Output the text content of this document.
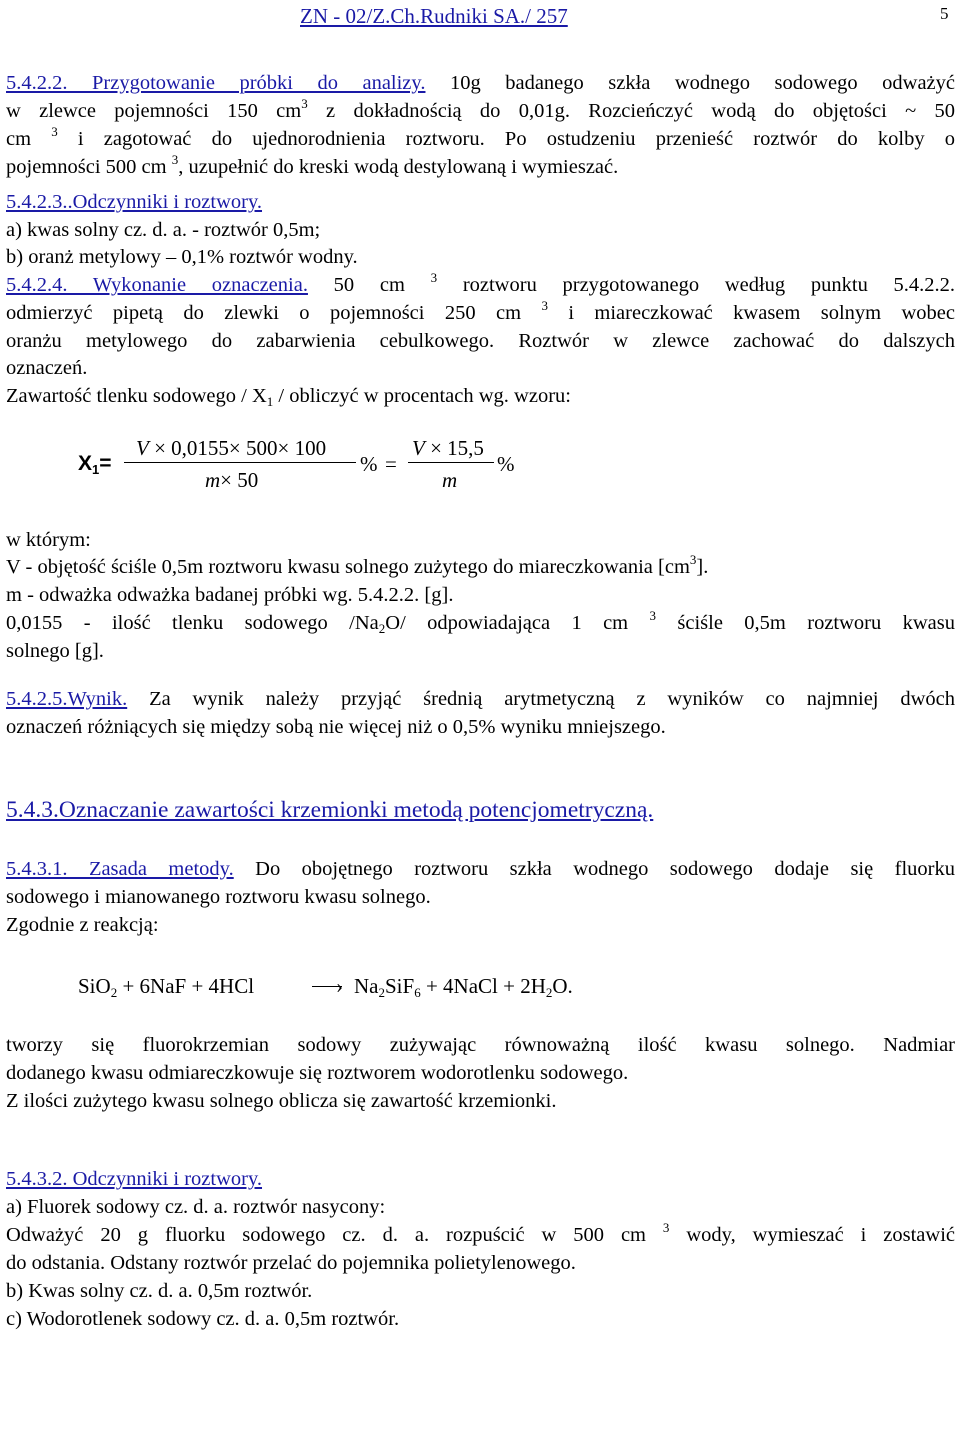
ZN - 02/Z.Ch.Rudniki SA./ 257	5
5.4.2.2. Przygotowanie próbki do analizy. 10g badanego szkła wodnego sodowego odważyć
w zlewce pojemności 150 $cm^3$ z dokładnością do 0,01g. Rozcieńczyć wodą do objętości ~ 50
cm $^3$ i zagotować do ujednorodnienia roztworu. Po ostudzeniu przenieść roztwór do kolby o
pojemności 500 cm $^3$, uzupełnić do kreski wodą destylowaną i wymieszać.
5.4.2.3..Odczynniki i roztwory.
a) kwas solny cz. d. a. - roztwór 0,5m;
b) oranż metylowy – 0,1% roztwór wodny.
5.4.2.4. Wykonanie oznaczenia. 50 cm $^3$ roztworu przygotowanego według punktu 5.4.2.2.
odmierzyć pipetą do zlewki o pojemności 250 cm $^3$ i miareczkować kwasem solnym wobec
oranżu metylowego do zabarwienia cebulkowego. Roztwór w zlewce zachować do dalszych
oznaczeń.
Zawartość tlenku sodowego / $X_1$ / obliczyć w procentach wg. wzoru:
$X_1=$
V × 0,0155× 500× 100
m× 50
% =
V × 15,5
m
%
w którym:
V - objętość ściśle 0,5m roztworu kwasu solnego zużytego do miareczkowania $[cm^3]$.
m - odważka odważka badanej próbki wg. 5.4.2.2. [g].
0,0155 - ilość tlenku sodowego $/Na_2O/$ odpowiadająca 1 cm $^3$ ściśle 0,5m roztworu kwasu
solnego [g].
5.4.2.5.Wynik. Za wynik należy przyjąć średnią arytmetyczną z wyników co najmniej dwóch
oznaczeń różniących się między sobą nie więcej niż o 0,5% wyniku mniejszego.
5.4.3.Oznaczanie zawartości krzemionki metodą potencjometryczną.
5.4.3.1. Zasada metody. Do obojętnego roztworu szkła wodnego sodowego dodaje się fluorku
sodowego i mianowanego roztworu kwasu solnego.
Zgodnie z reakcją:
SiO$_2$ + 6NaF + 4HCl	› $Na_2SiF_6$ + 4NaCl + $2H_2O$.
tworzy się fluorokrzemian sodowy zużywając równoważną ilość kwasu solnego. Nadmiar
dodanego kwasu odmiareczkowuje się roztworem wodorotlenku sodowego.
Z ilości zużytego kwasu solnego oblicza się zawartość krzemionki.
5.4.3.2. Odczynniki i roztwory.
a) Fluorek sodowy cz. d. a. roztwór nasycony:
Odważyć 20 g fluorku sodowego cz. d. a. rozpuścić w 500 cm $^3$ wody, wymieszać i zostawić
do odstania. Odstany roztwór przelać do pojemnika polietylenowego.
b) Kwas solny cz. d. a. 0,5m roztwór.
c) Wodorotlenek sodowy cz. d. a. 0,5m roztwór.
